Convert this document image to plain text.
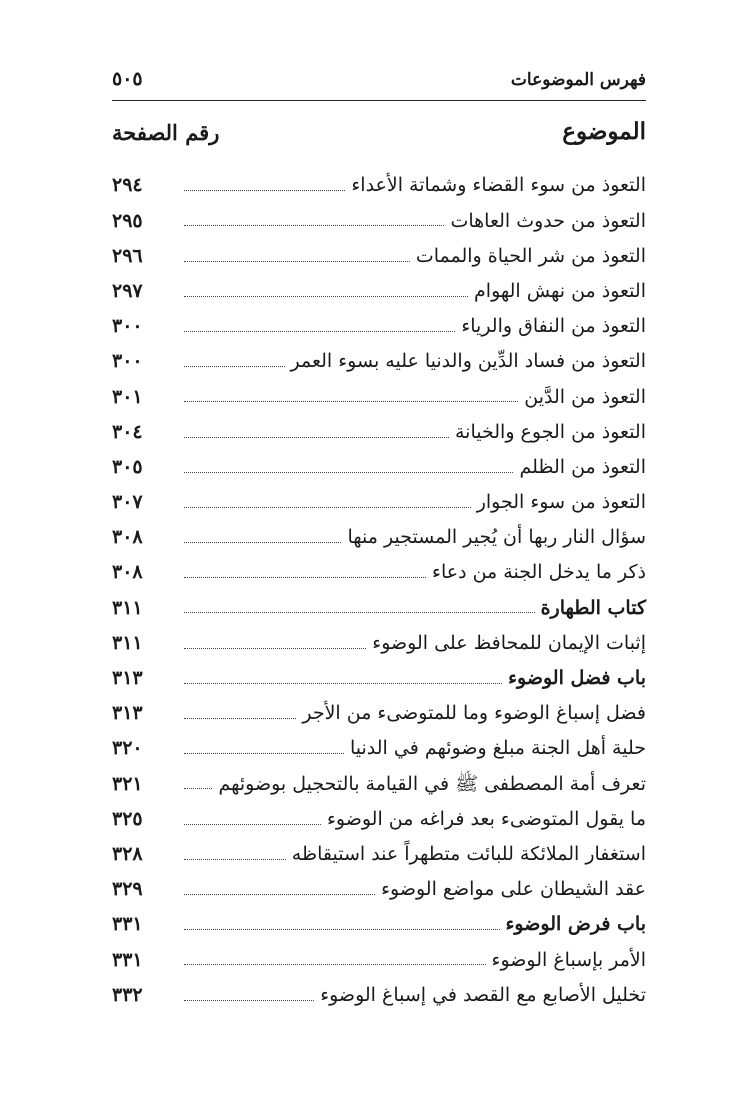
فهرس الموضوعات
٥٠٥
الموضوع
رقم الصفحة
التعوذ من سوء القضاء وشماتة الأعداء
٢٩٤
التعوذ من حدوث العاهات
٢٩٥
التعوذ من شر الحياة والممات
٢٩٦
التعوذ من نهش الهوام
٢٩٧
التعوذ من النفاق والرياء
٣٠٠
التعوذ من فساد الدِّين والدنيا عليه بسوء العمر
٣٠٠
التعوذ من الدَّين
٣٠١
التعوذ من الجوع والخيانة
٣٠٤
التعوذ من الظلم
٣٠٥
التعوذ من سوء الجوار
٣٠٧
سؤال النار ربها أن يُجير المستجير منها
٣٠٨
ذكر ما يدخل الجنة من دعاء
٣٠٨
كتاب الطهارة
٣١١
إثبات الإيمان للمحافظ على الوضوء
٣١١
باب فضل الوضوء
٣١٣
فضل إسباغ الوضوء وما للمتوضىء من الأجر
٣١٣
حلية أهل الجنة مبلغ وضوئهم في الدنيا
٣٢٠
تعرف أمة المصطفى ﷺ في القيامة بالتحجيل بوضوئهم
٣٢١
ما يقول المتوضىء بعد فراغه من الوضوء
٣٢٥
استغفار الملائكة للبائت متطهراً عند استيقاظه
٣٢٨
عقد الشيطان على مواضع الوضوء
٣٢٩
باب فرض الوضوء
٣٣١
الأمر بإسباغ الوضوء
٣٣١
تخليل الأصابع مع القصد في إسباغ الوضوء
٣٣٢
